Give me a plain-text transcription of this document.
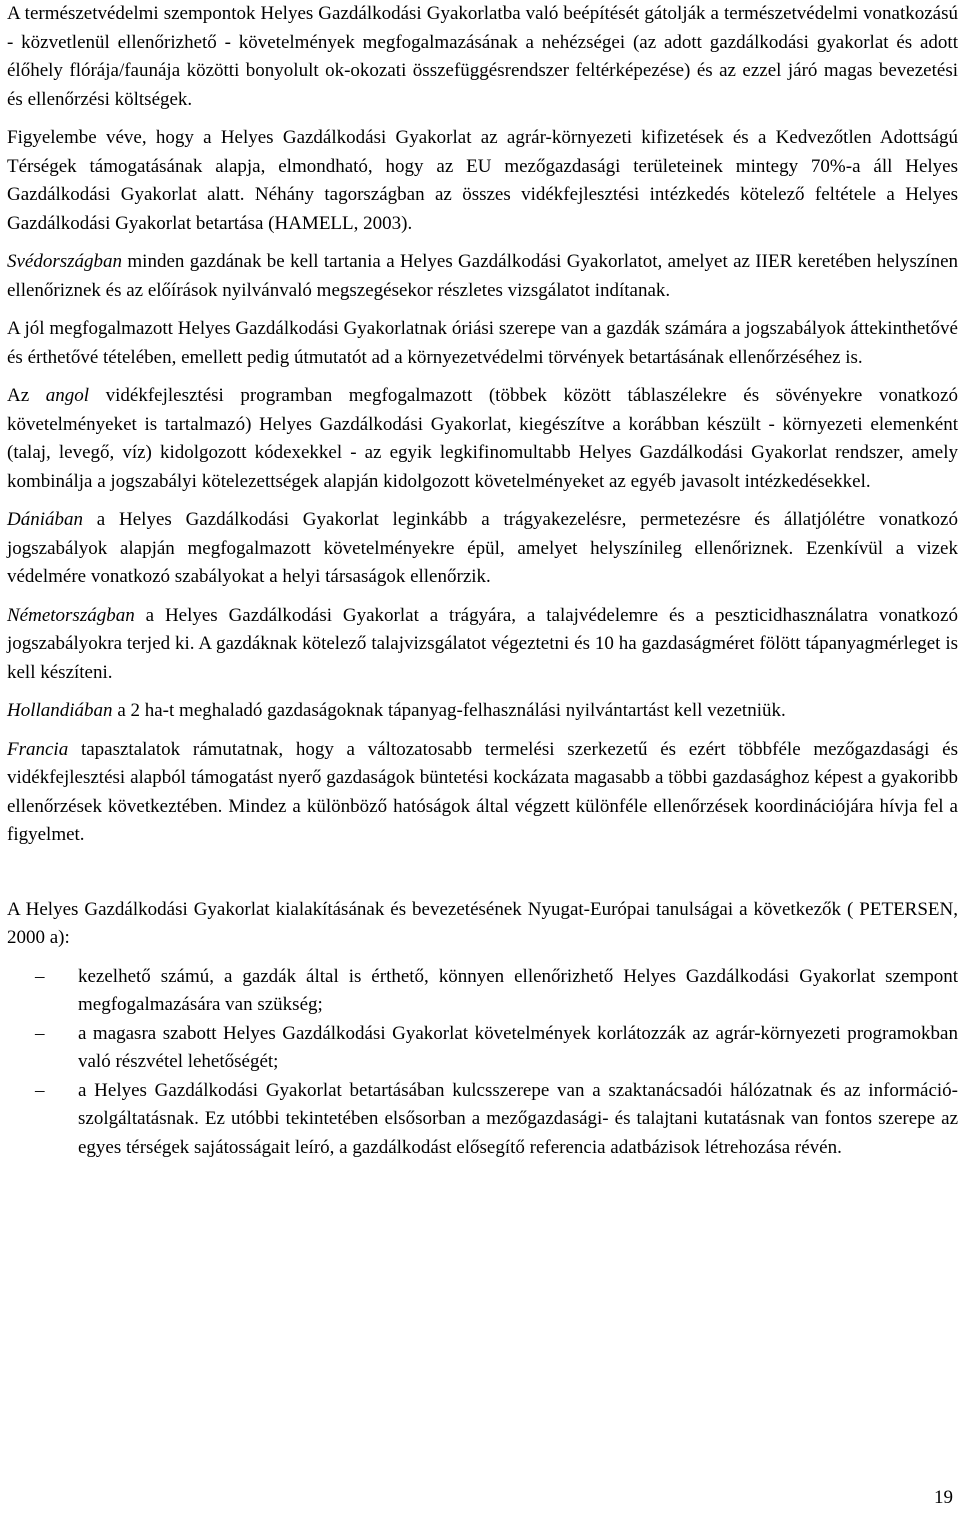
A természetvédelmi szempontok Helyes Gazdálkodási Gyakorlatba való beépítését gátolják a természetvédelmi vonatkozású - közvetlenül ellenőrizhető - követelmények megfogalmazásának a nehézségei (az adott gazdálkodási gyakorlat és adott élőhely flórája/faunája közötti bonyolult ok-okozati összefüggésrendszer feltérképezése) és az ezzel járó magas bevezetési és ellenőrzési költségek.

Figyelembe véve, hogy a Helyes Gazdálkodási Gyakorlat az agrár-környezeti kifizetések és a Kedvezőtlen Adottságú Térségek támogatásának alapja, elmondható, hogy az EU mezőgazdasági területeinek mintegy 70%-a áll Helyes Gazdálkodási Gyakorlat alatt. Néhány tagországban az összes vidékfejlesztési intézkedés kötelező feltétele a Helyes Gazdálkodási Gyakorlat betartása (HAMELL, 2003).

Svédországban minden gazdának be kell tartania a Helyes Gazdálkodási Gyakorlatot, amelyet az IIER keretében helyszínen ellenőriznek és az előírások nyilvánvaló megszegésekor részletes vizsgálatot indítanak.

A jól megfogalmazott Helyes Gazdálkodási Gyakorlatnak óriási szerepe van a gazdák számára a jogszabályok áttekinthetővé és érthetővé tételében, emellett pedig útmutatót ad a környezetvédelmi törvények betartásának ellenőrzéséhez is.

Az angol vidékfejlesztési programban megfogalmazott (többek között táblaszélekre és sövényekre vonatkozó követelményeket is tartalmazó) Helyes Gazdálkodási Gyakorlat, kiegészítve a korábban készült - környezeti elemenként (talaj, levegő, víz) kidolgozott kódexekkel - az egyik legkifinomultabb Helyes Gazdálkodási Gyakorlat rendszer, amely kombinálja a jogszabályi kötelezettségek alapján kidolgozott követelményeket az egyéb javasolt intézkedésekkel.

Dániában a Helyes Gazdálkodási Gyakorlat leginkább a trágyakezelésre, permetezésre és állatjólétre vonatkozó jogszabályok alapján megfogalmazott követelményekre épül, amelyet helyszínileg ellenőriznek. Ezenkívül a vizek védelmére vonatkozó szabályokat a helyi társaságok ellenőrzik.

Németországban a Helyes Gazdálkodási Gyakorlat a trágyára, a talajvédelemre és a peszticidhasználatra vonatkozó jogszabályokra terjed ki. A gazdáknak kötelező talajvizsgálatot végeztetni és 10 ha gazdaságméret fölött tápanyagmérleget is kell készíteni.

Hollandiában a 2 ha-t meghaladó gazdaságoknak tápanyag-felhasználási nyilvántartást kell vezetniük.

Francia tapasztalatok rámutatnak, hogy a változatosabb termelési szerkezetű és ezért többféle mezőgazdasági és vidékfejlesztési alapból támogatást nyerő gazdaságok büntetési kockázata magasabb a többi gazdasághoz képest a gyakoribb ellenőrzések következtében. Mindez a különböző hatóságok által végzett különféle ellenőrzések koordinációjára hívja fel a figyelmet.

A Helyes Gazdálkodási Gyakorlat kialakításának és bevezetésének Nyugat-Európai tanulságai a következők ( PETERSEN, 2000 a):

– kezelhető számú, a gazdák által is érthető, könnyen ellenőrizhető Helyes Gazdálkodási Gyakorlat szempont megfogalmazására van szükség;
– a magasra szabott Helyes Gazdálkodási Gyakorlat követelmények korlátozzák az agrár-környezeti programokban való részvétel lehetőségét;
– a Helyes Gazdálkodási Gyakorlat betartásában kulcsszerepe van a szaktanácsadói hálózatnak és az információ-szolgáltatásnak. Ez utóbbi tekintetében elsősorban a mezőgazdasági- és talajtani kutatásnak van fontos szerepe az egyes térségek sajátosságait leíró, a gazdálkodást elősegítő referencia adatbázisok létrehozása révén.
19
